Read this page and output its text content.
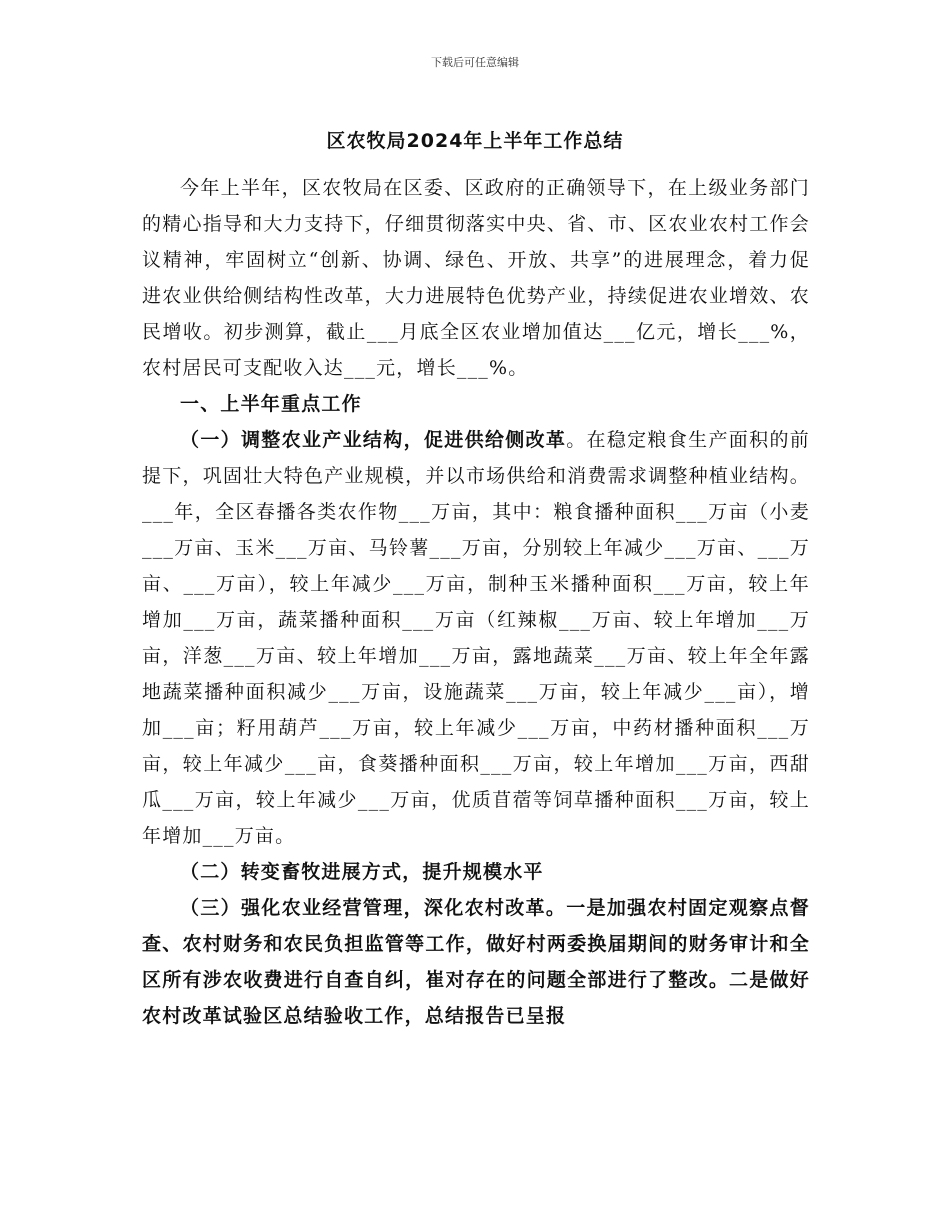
下载后可任意编辑
区农牧局2024年上半年工作总结

今年上半年，区农牧局在区委、区政府的正确领导下，在上级业务部门的精心指导和大力支持下，仔细贯彻落实中央、省、市、区农业农村工作会议精神，牢固树立“创新、协调、绿色、开放、共享”的进展理念，着力促进农业供给侧结构性改革，大力进展特色优势产业，持续促进农业增效、农民增收。初步测算，截止___月底全区农业增加值达___亿元，增长___%，农村居民可支配收入达___元，增长___%。

一、上半年重点工作

（一）调整农业产业结构，促进供给侧改革。在稳定粮食生产面积的前提下，巩固壮大特色产业规模，并以市场供给和消费需求调整种植业结构。___年，全区春播各类农作物___万亩，其中：粮食播种面积___万亩（小麦___万亩、玉米___万亩、马铃薯___万亩，分别较上年减少___万亩、___万亩、___万亩），较上年减少___万亩，制种玉米播种面积___万亩，较上年增加___万亩，蔬菜播种面积___万亩（红辣椒___万亩、较上年增加___万亩，洋葱___万亩、较上年增加___万亩，露地蔬菜___万亩、较上年全年露地蔬菜播种面积减少___万亩，设施蔬菜___万亩，较上年减少___亩），增加___亩；籽用葫芦___万亩，较上年减少___万亩，中药材播种面积___万亩，较上年减少___亩，食葵播种面积___万亩，较上年增加___万亩，西甜瓜___万亩，较上年减少___万亩，优质苜蓿等饲草播种面积___万亩，较上年增加___万亩。

（二）转变畜牧进展方式，提升规模水平

（三）强化农业经营管理，深化农村改革。一是加强农村固定观察点督查、农村财务和农民负担监管等工作，做好村两委换届期间的财务审计和全区所有涉农收费进行自查自纠，崔对存在的问题全部进行了整改。二是做好农村改革试验区总结验收工作，总结报告已呈报
